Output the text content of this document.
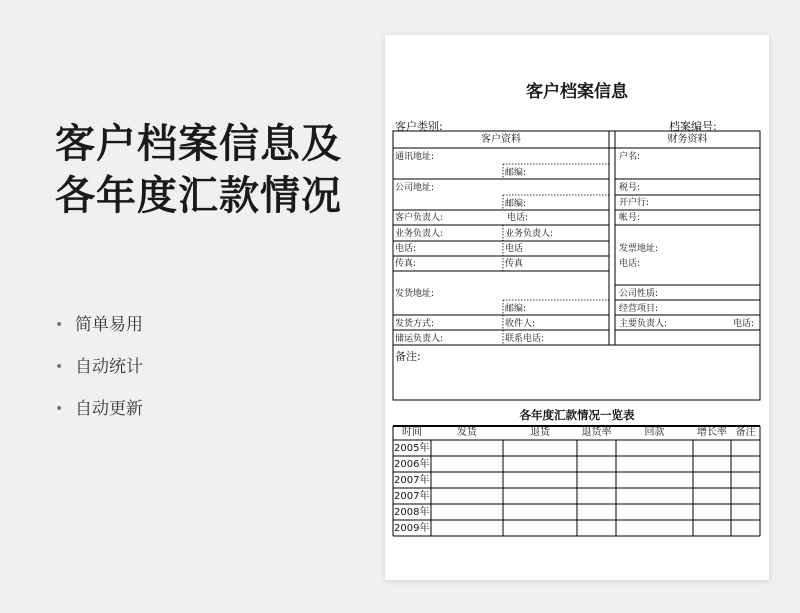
客户档案信息及
各年度汇款情况
• 简单易用
• 自动统计
• 自动更新
客户档案信息
客户类别:	档案编号:
客户资料	财务资料
通讯地址:
邮编:
公司地址:
邮编:
客户负责人:	电话:
业务负责人:	业务负责人:
电话:	电话
传真:	传真
发货地址:
邮编:
发货方式:	收件人:
储运负责人:	联系电话:
户名:
税号:
开户行:
帐号:
发票地址:
电话:
公司性质:
经营项目:
主要负责人:	电话:
备注:
各年度汇款情况一览表
时间	发货	退货	退货率	回款	增长率 备注
2005年
2006年
2007年
2007年
2008年
2009年
